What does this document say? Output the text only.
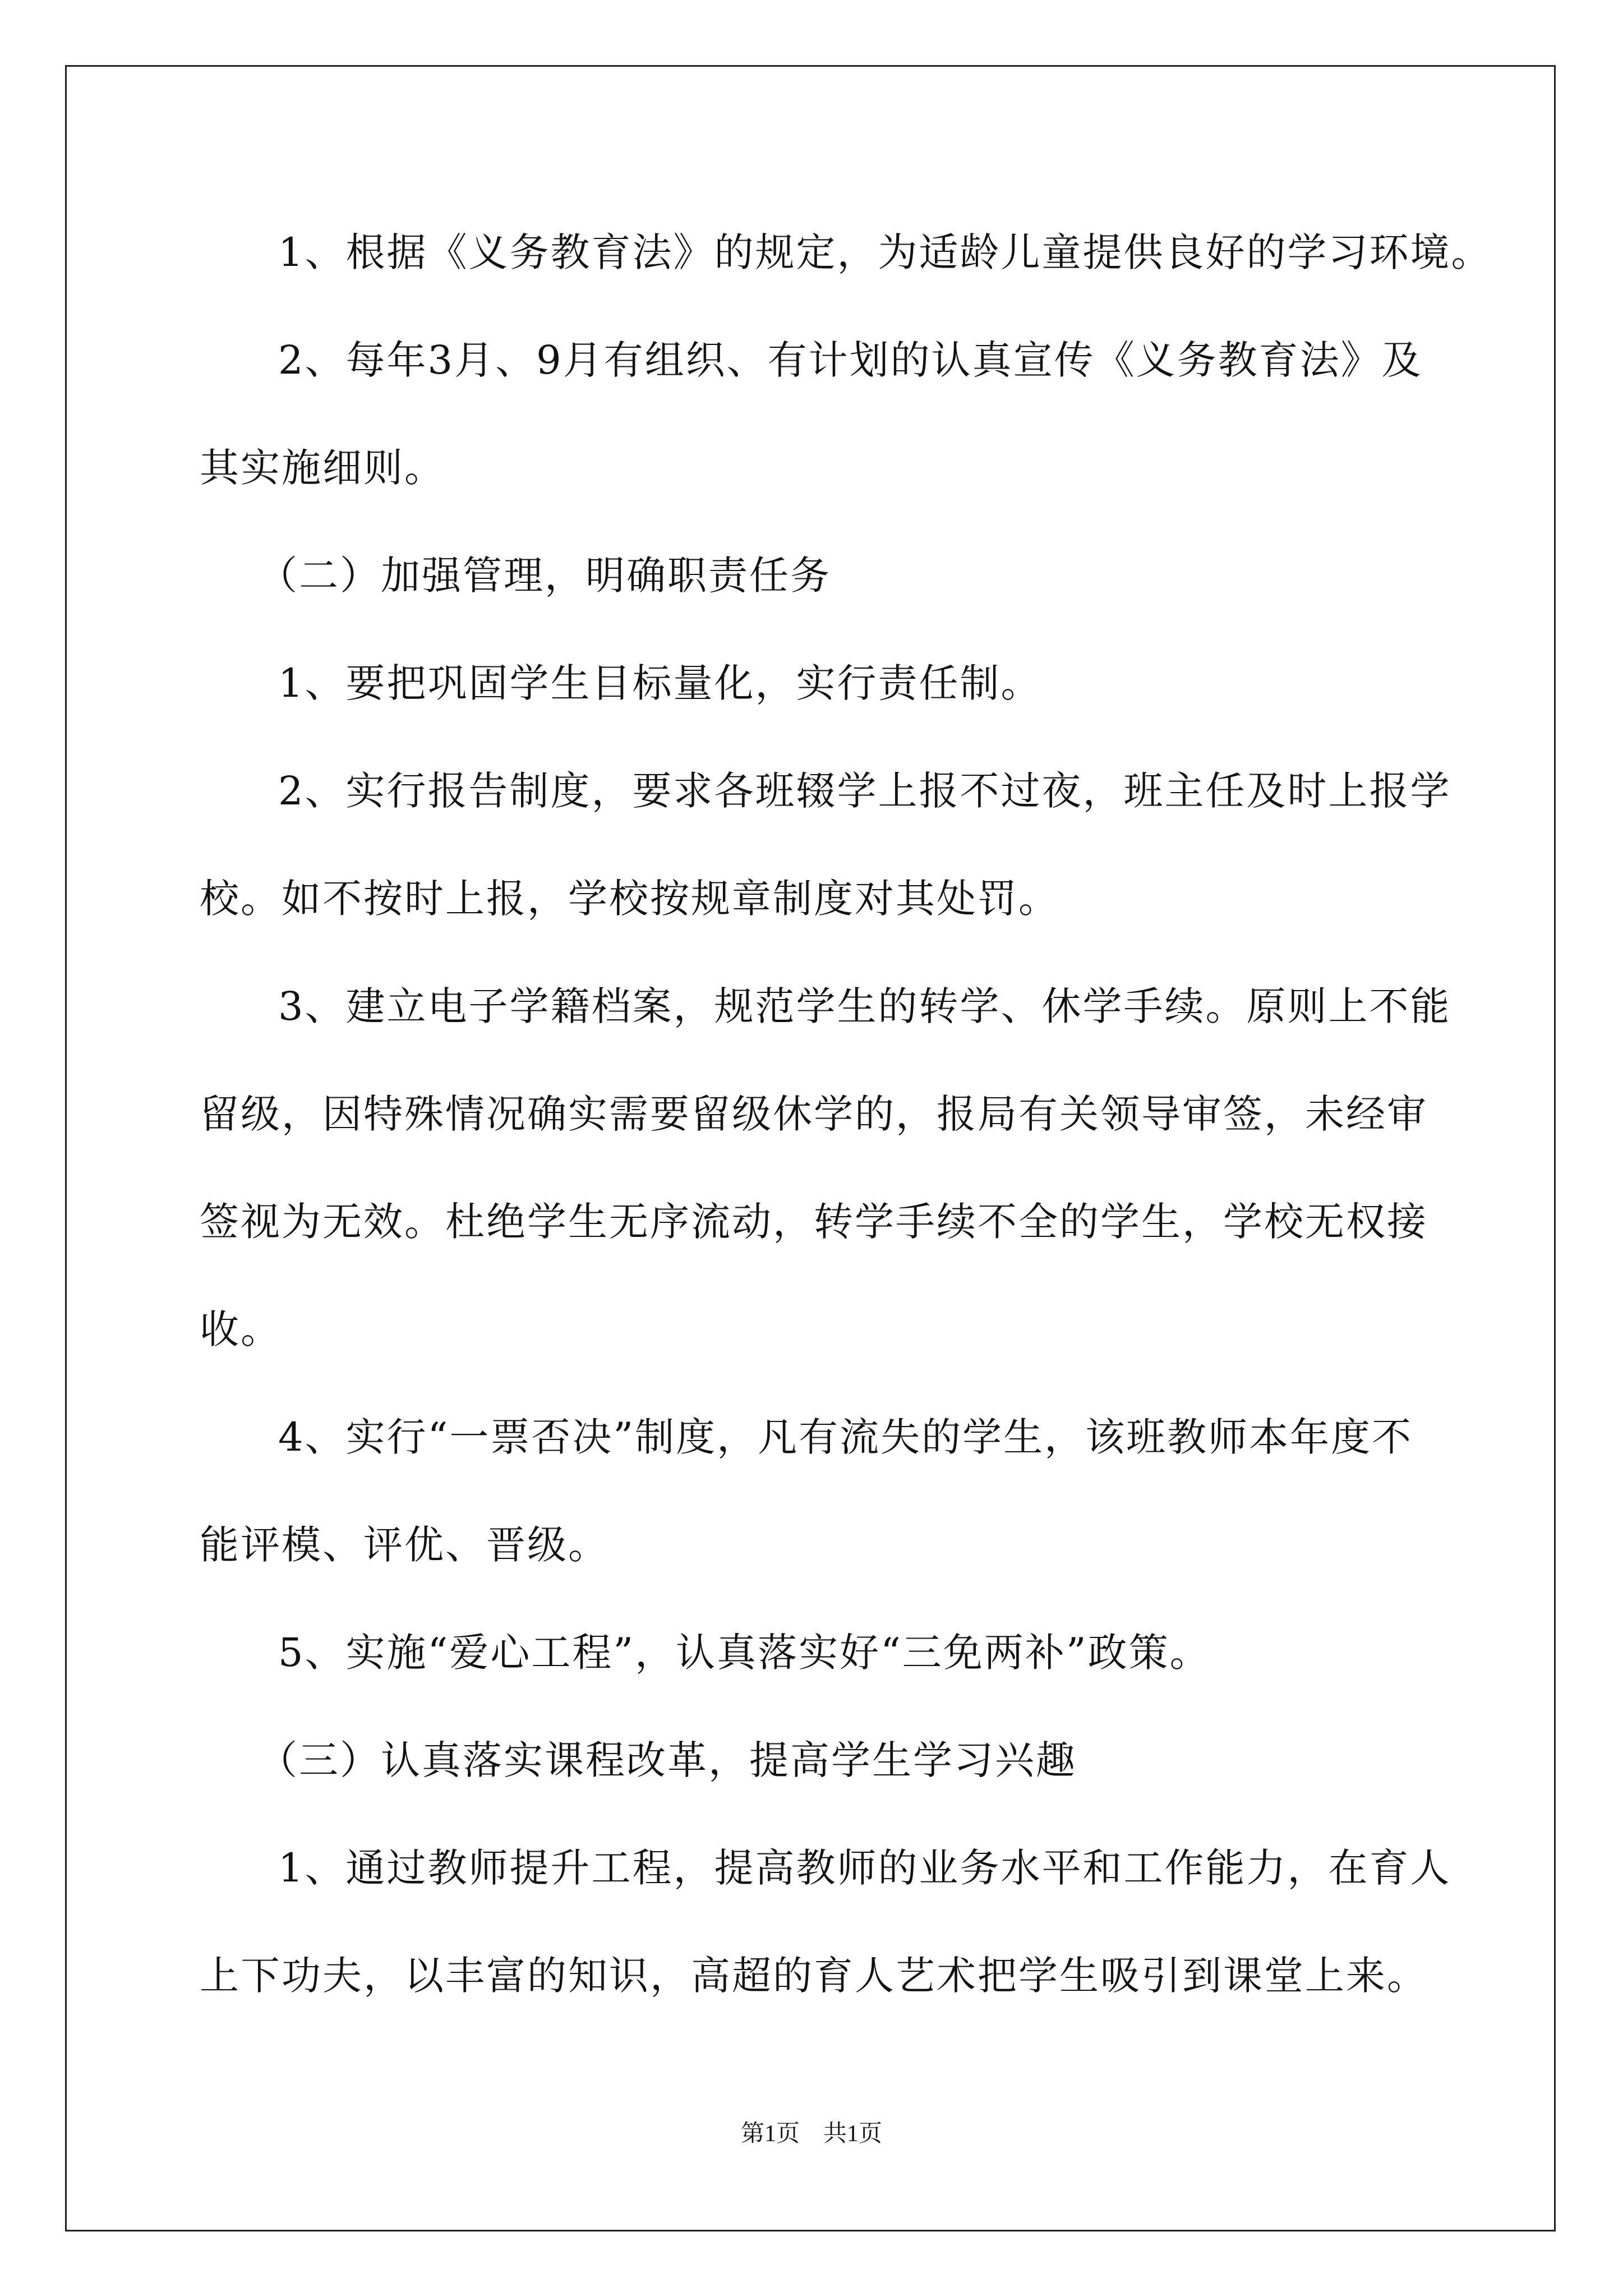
1、根据《义务教育法》的规定，为适龄儿童提供良好的学习环境。
2、每年3月、9月有组织、有计划的认真宣传《义务教育法》及
其实施细则。
（二）加强管理，明确职责任务
1、要把巩固学生目标量化，实行责任制。
2、实行报告制度，要求各班辍学上报不过夜，班主任及时上报学
校。如不按时上报，学校按规章制度对其处罚。
3、建立电子学籍档案，规范学生的转学、休学手续。原则上不能
留级，因特殊情况确实需要留级休学的，报局有关领导审签，未经审
签视为无效。杜绝学生无序流动，转学手续不全的学生，学校无权接
收。
4、实行“一票否决”制度，凡有流失的学生，该班教师本年度不
能评模、评优、晋级。
5、实施“爱心工程”，认真落实好“三免两补”政策。
（三）认真落实课程改革，提高学生学习兴趣
1、通过教师提升工程，提高教师的业务水平和工作能力，在育人
上下功夫，以丰富的知识，高超的育人艺术把学生吸引到课堂上来。
第1页　共1页
